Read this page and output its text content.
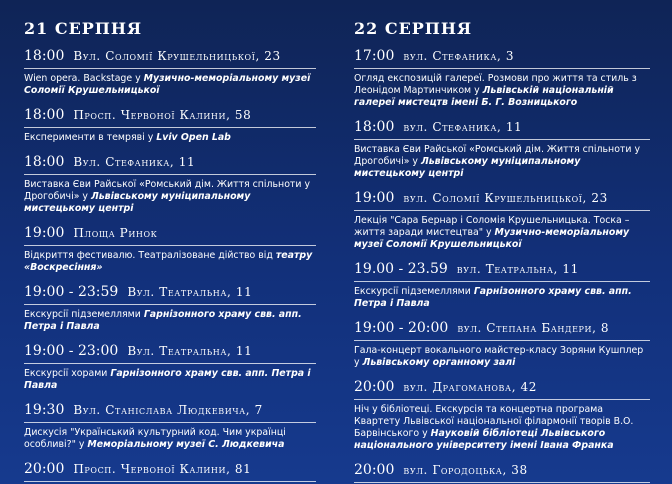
21 СЕРПНЯ
18:00 Вул. Соломії Крушельницької, 23
Wien opera. Backstage у Музично-меморіальному музеї Соломії Крушельницької
18:00 Просп. Червоної Калини, 58
Експерименти в темряві у Lviv Open Lab
18:00 Вул. Стефаника, 11
Виставка Єви Райської «Ромський дім. Життя спільноти у Дрогобичі» у Львівському муніципальному мистецькому центрі
19:00 Площа Ринок
Відкриття фестивалю. Театралізоване дійство від театру «Воскресіння»
19:00 - 23:59 Вул. Театральна, 11
Екскурсії підземеллями Гарнізонного храму свв. апп. Петра і Павла
19:00 - 23:00 Вул. Театральна, 11
Екскурсії хорами Гарнізонного храму свв. апп. Петра і Павла
19:30 Вул. Станіслава Людкевича, 7
Дискусія "Український культурний код. Чим українці особливі?" у Меморіальному музеї С. Людкевича
20:00 Просп. Червоної Калини, 81
22 СЕРПНЯ
17:00 вул. Стефаника, 3
Огляд експозицій галереї. Розмови про життя та стиль з Леонідом Мартинчиком у Львівській національній галереї мистецтв імені Б. Г. Возницького
18:00 вул. Стефаника, 11
Виставка Єви Райської «Ромський дім. Життя спільноти у Дрогобичі» у Львівському муніципальному мистецькому центрі
19:00 вул. Соломії Крушельницької, 23
Лекція "Сара Бернар і Соломія Крушельницька. Тоска – життя заради мистецтва" у Музично-меморіальному музеї Соломії Крушельницької
19.00 - 23.59 вул. Театральна, 11
Екскурсії підземеллями Гарнізонного храму свв. апп. Петра і Павла
19:00 - 20:00 вул. Степана Бандери, 8
Гала-концерт вокального майстер-класу Зоряни Кушплер у Львівському органному залі
20:00 вул. Драгоманова, 42
Ніч у бібліотеці. Екскурсія та концертна програма Квартету Львівської національної філармонії творів В.О. Барвінського у Науковій бібліотеці Львівського національного університету імені Івана Франка
20:00 вул. Городоцька, 38
